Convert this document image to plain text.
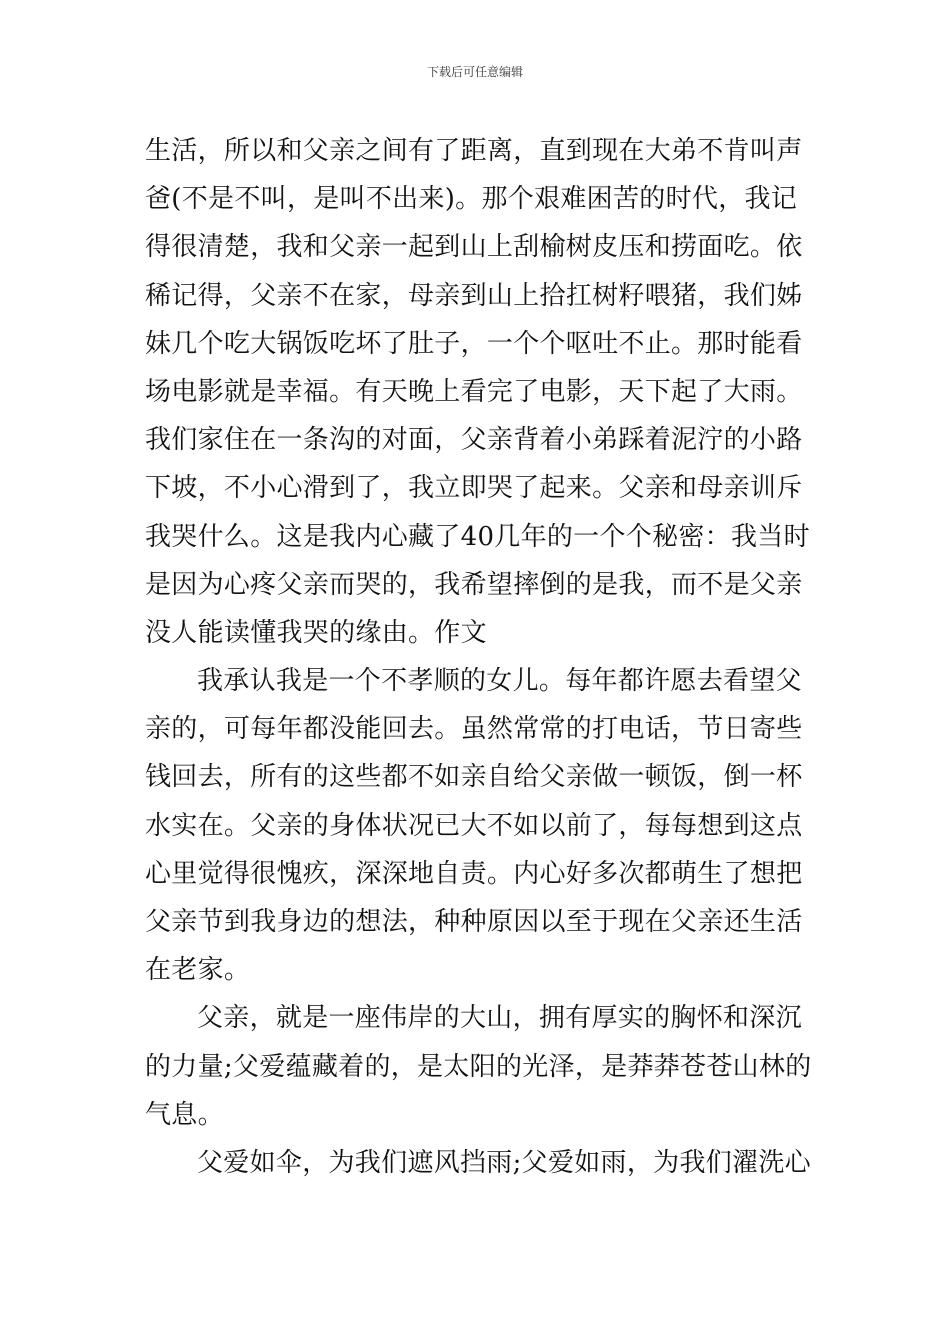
下载后可任意编辑
生活，所以和父亲之间有了距离，直到现在大弟不肯叫声
爸(不是不叫，是叫不出来)。那个艰难困苦的时代，我记
得很清楚，我和父亲一起到山上刮榆树皮压和捞面吃。依
稀记得，父亲不在家，母亲到山上拾扛树籽喂猪，我们姊
妹几个吃大锅饭吃坏了肚子，一个个呕吐不止。那时能看
场电影就是幸福。有天晚上看完了电影，天下起了大雨。
我们家住在一条沟的对面，父亲背着小弟踩着泥泞的小路
下坡，不小心滑到了，我立即哭了起来。父亲和母亲训斥
我哭什么。这是我内心藏了40几年的一个个秘密：我当时
是因为心疼父亲而哭的，我希望摔倒的是我，而不是父亲
没人能读懂我哭的缘由。作文
我承认我是一个不孝顺的女儿。每年都许愿去看望父
亲的，可每年都没能回去。虽然常常的打电话，节日寄些
钱回去，所有的这些都不如亲自给父亲做一顿饭，倒一杯
水实在。父亲的身体状况已大不如以前了，每每想到这点
心里觉得很愧疚，深深地自责。内心好多次都萌生了想把
父亲节到我身边的想法，种种原因以至于现在父亲还生活
在老家。
父亲，就是一座伟岸的大山，拥有厚实的胸怀和深沉
的力量;父爱蕴藏着的，是太阳的光泽，是莽莽苍苍山林的
气息。
父爱如伞，为我们遮风挡雨;父爱如雨，为我们濯洗心
